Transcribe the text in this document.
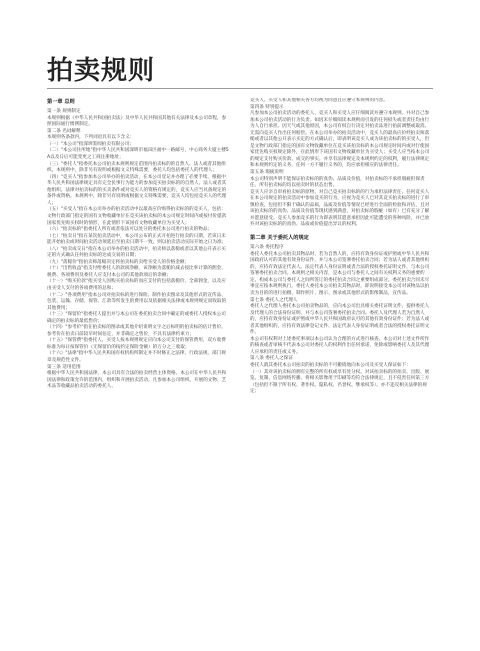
拍卖规则
第一章 总则

第一条 规则制定

本规则根据《中华人民共和国拍卖法》及中华人民共和国其他有关法律及本公司章程，参照国际通行惯例制定。

第二条 名词解释

本规则各条款内，下列词语具有以下含义：

（一）"本公司"指深圳鉴闻拍卖有限公司；

（二）"本公司住所地"指中华人民共和国深圳市福田区福中一路邮号，中心商务大厦主楼5A以及日后可能变更之工商注册地址；

（三）"委托人"指委托本公司拍卖本规则规定范围内拍卖标的的自然人、法人或者其他组织。本规则中，除非另有说明或根据文义特殊需要，委托人均包括委托人的代理人；

（四）"竞买人"指参加本公司举办的拍卖活动，在本公司登记并办理了必要手续，根据中华人民共和国法律规定具有完全民事行为能力的参加竞买拍卖标的的自然人、法人或者其他组织。法律对拍卖标的的买卖条件或对竞买人的资格有规定的，竞买人应当具备规定的条件或资格。本规则中，除非另有说明或根据文义特殊需要，竞买人均包括竞买人的代理人；

（五）"买受人"指在本公司举办的拍卖活动中以最高应价购得拍卖标的的竞买人，包括：文物行政部门指定的国有文物收藏单位在竞买该拍卖标的本公司规定时间内或按付价提款国家优先购买权时的情形，在此情形下该国有文物收藏单位为买受人；

（六）"拍卖标的"指委托人所有或者依法可以处分的委托本公司进行拍卖的物品；

（七）"拍卖日"指在某次拍卖活动中，本公司公布的正式开拍进行拍卖的日期，若该日未能开始拍卖或时间拍卖活动须延后至拍卖日期不一致，则以拍卖活动实际开始之日为准；

（八）"拍卖成交日"指在本公司举办的拍卖活动中，拍卖师以落槌或者以其他公开表示买定的方式确认任何拍卖标的达成交易的日期；

（九）"落槌价"指拍卖师落槌决定将拍卖标的卖给买受人的价格金额；

（十）"出售收益"指支付给委托人的款项净额，该净额为落槌价减去按比率计算的佣金、税费、各项费用及委托人应支付本公司的其他款项后的余额；

（十一）"购买价款"指买受人因购买拍卖标的而应支付的包括落槌价、全部佣金，以及应由买受人支付的各项费用的总和；

（十二）"各项费用"指本公司对拍卖标的进行保险、制作拍卖图录及其他形式的宣传品、包装、运输、存储、保管、汇款等所发生的费用以及依据相关法律或本规则规定而收取的其他费用；

（十三）"保留价"指委托人提出并与本公司在委托拍卖合同中确定的或委托人授权本公司确定的拍卖标的最低售价；

（十四）"参考价"指在拍卖标的图录或其他介绍说明文字之后标明的拍卖标的估计售价。参考价在拍卖日前较早时间估定，并非确定之售价，不具有法律约束力；

（十五）"保管费"指委托人、买受人按本规则规定应向本公司支付的保管费用，双方收费标准为每日按保管价（无保留价的按约定保险金额）的万分之三收取；

（十六）"法律"指中华人民共和国有权机构所制定并不时修正之法律、行政法规、部门规章及规范性文件。

第三条 适用范围

根据中华人民共和国法律，本公司具有合法的拍卖经营主体资格。本公司在中华人民共和国法律和政策允许的范围内，组织和开展拍卖活动。凡参加本公司组织、开展的文物、艺术品等收藏品拍卖活动的委托人、

竞买人、买受人和其他相关各方均视为同意且应遵守本规则的内容。

第四条 特别提示

凡参加本公司拍卖活动的委托人、竞买人和买受人应仔细阅读并遵守本规则。并对自己参加本公司拍卖活动的行为负责。如因未仔细阅读本规则而引发的任何损失或者责任均由行为人自行承担。因天气或其他原因，本公司有权自行决定对拍卖品进行拍前调整或取消。无需向竞买人作出任何赔偿。在本公司举办的拍卖活动中，竞买人的最高应价经拍卖师落槌或者以其他公开表示买定的方式确认后，即表明该竞买人成为该拍卖标的的买受人，但是文物行政部门指定的国有文物收藏单位在竞买该拍卖标的本公司规定时间内或对行使国家优先购买权规定除外，在此情形下该国有文物收藏单位为买受人；买受人应当按本公司的规定支付购买价款、成交的事实。并享有法律规定及本规则约定的权利，履行法律规定和本规则约定的义务，任何一方不履行义务的，均应承担相应的法律责任。

第五条 瑕疵说明

本公司特别声明不能保证拍卖标的的真伪、品质及价值，对拍卖标的不承担瑕疵担保责任。所有拍卖标的均以拍卖时的状态出售。

竞买人应亲自审看拍卖标的原物，对自己竞买拍卖标的的行为承担法律责任。任何竞买人在本公司规定的拍卖活动中参加竞买的行为，应视为竞买人已对其竞买拍卖标的进行了审慎检查，包括但不限于确认的品质，品质及价值等情况已经进行全面的检验和评估，且对该拍卖标的的真伪、品质及价值等现状感到满意，对拍卖标的瑕疵（如有）已有充分了解并愿意接受。竞买人参加竞买的行为即表明其愿意承担因此可能遭受的各种风险，并已放弃对该拍卖标的的真伪、品质或价值提出异议的权利。

第二章 关于委托人的规定

第六条 委托程序

委托人委托本公司拍卖其物品时，若为自然人的，应持有效身份证或护照或中华人民共和国政府认可的其他有效身份证件，并与本公司签署委托拍卖合同；若为法人或者其他组织的，应持有效法定代表人、法定代表人身份证明或者合法的授权委托证明文件，与本公司签署委托拍卖合同。本规则之相关内容，是本公司与委托人之间有关权利义务的重要约定。构成本公司与委托人之间所签订的委托拍卖合同之重要组成部分。委托拍卖合同未尽事宜应按本规则执行。委托人委托本公司拍卖其物品时，即说明接受本公司对该物品以拍卖为目的的进行拍摄、制作照片、图示、图录或其他形式的影像制品，宣传品。

第七条 委托人之代理人

委托人之代理人委托本公司拍卖物品的，应向本公司出具相关委托证明文件、提供委托人及代理人的合法身份证明，并与本公司签署委托拍卖合同。委托人及代理人若为自然人的，应持有效身份证或护照或中华人民共和国政府认可的其他有效身份证件；若为法人或者其他组织的，应持有效法律登记文件、法定代表人身份证明或者合法的授权委托证明文件。

本公司有权利对上述委托事项以本公司认为合理的方式进行核查。本公司对上述文件所作的核查或者审核不代表本公司对委托人的权利作出任何承诺，免除或影响委托人及其代理人应承担的责任或义务。

第八条 委托人之保证

委托人就其委托本公司拍卖的拍卖标的不可撤销地向本公司及买受人保证如下：

（一）其对该拍卖标的拥有完整的所有权或享有处分权。对该拍卖标的的拍卖、出版、展览、复制、信息网络传播、将相关影像用于印刷等均符合法律规定，且不侵害任何第三方（包括但不限于所有权、著作权、隐私权、名誉权、继承权等）。亦不违反相关法律的规定；
